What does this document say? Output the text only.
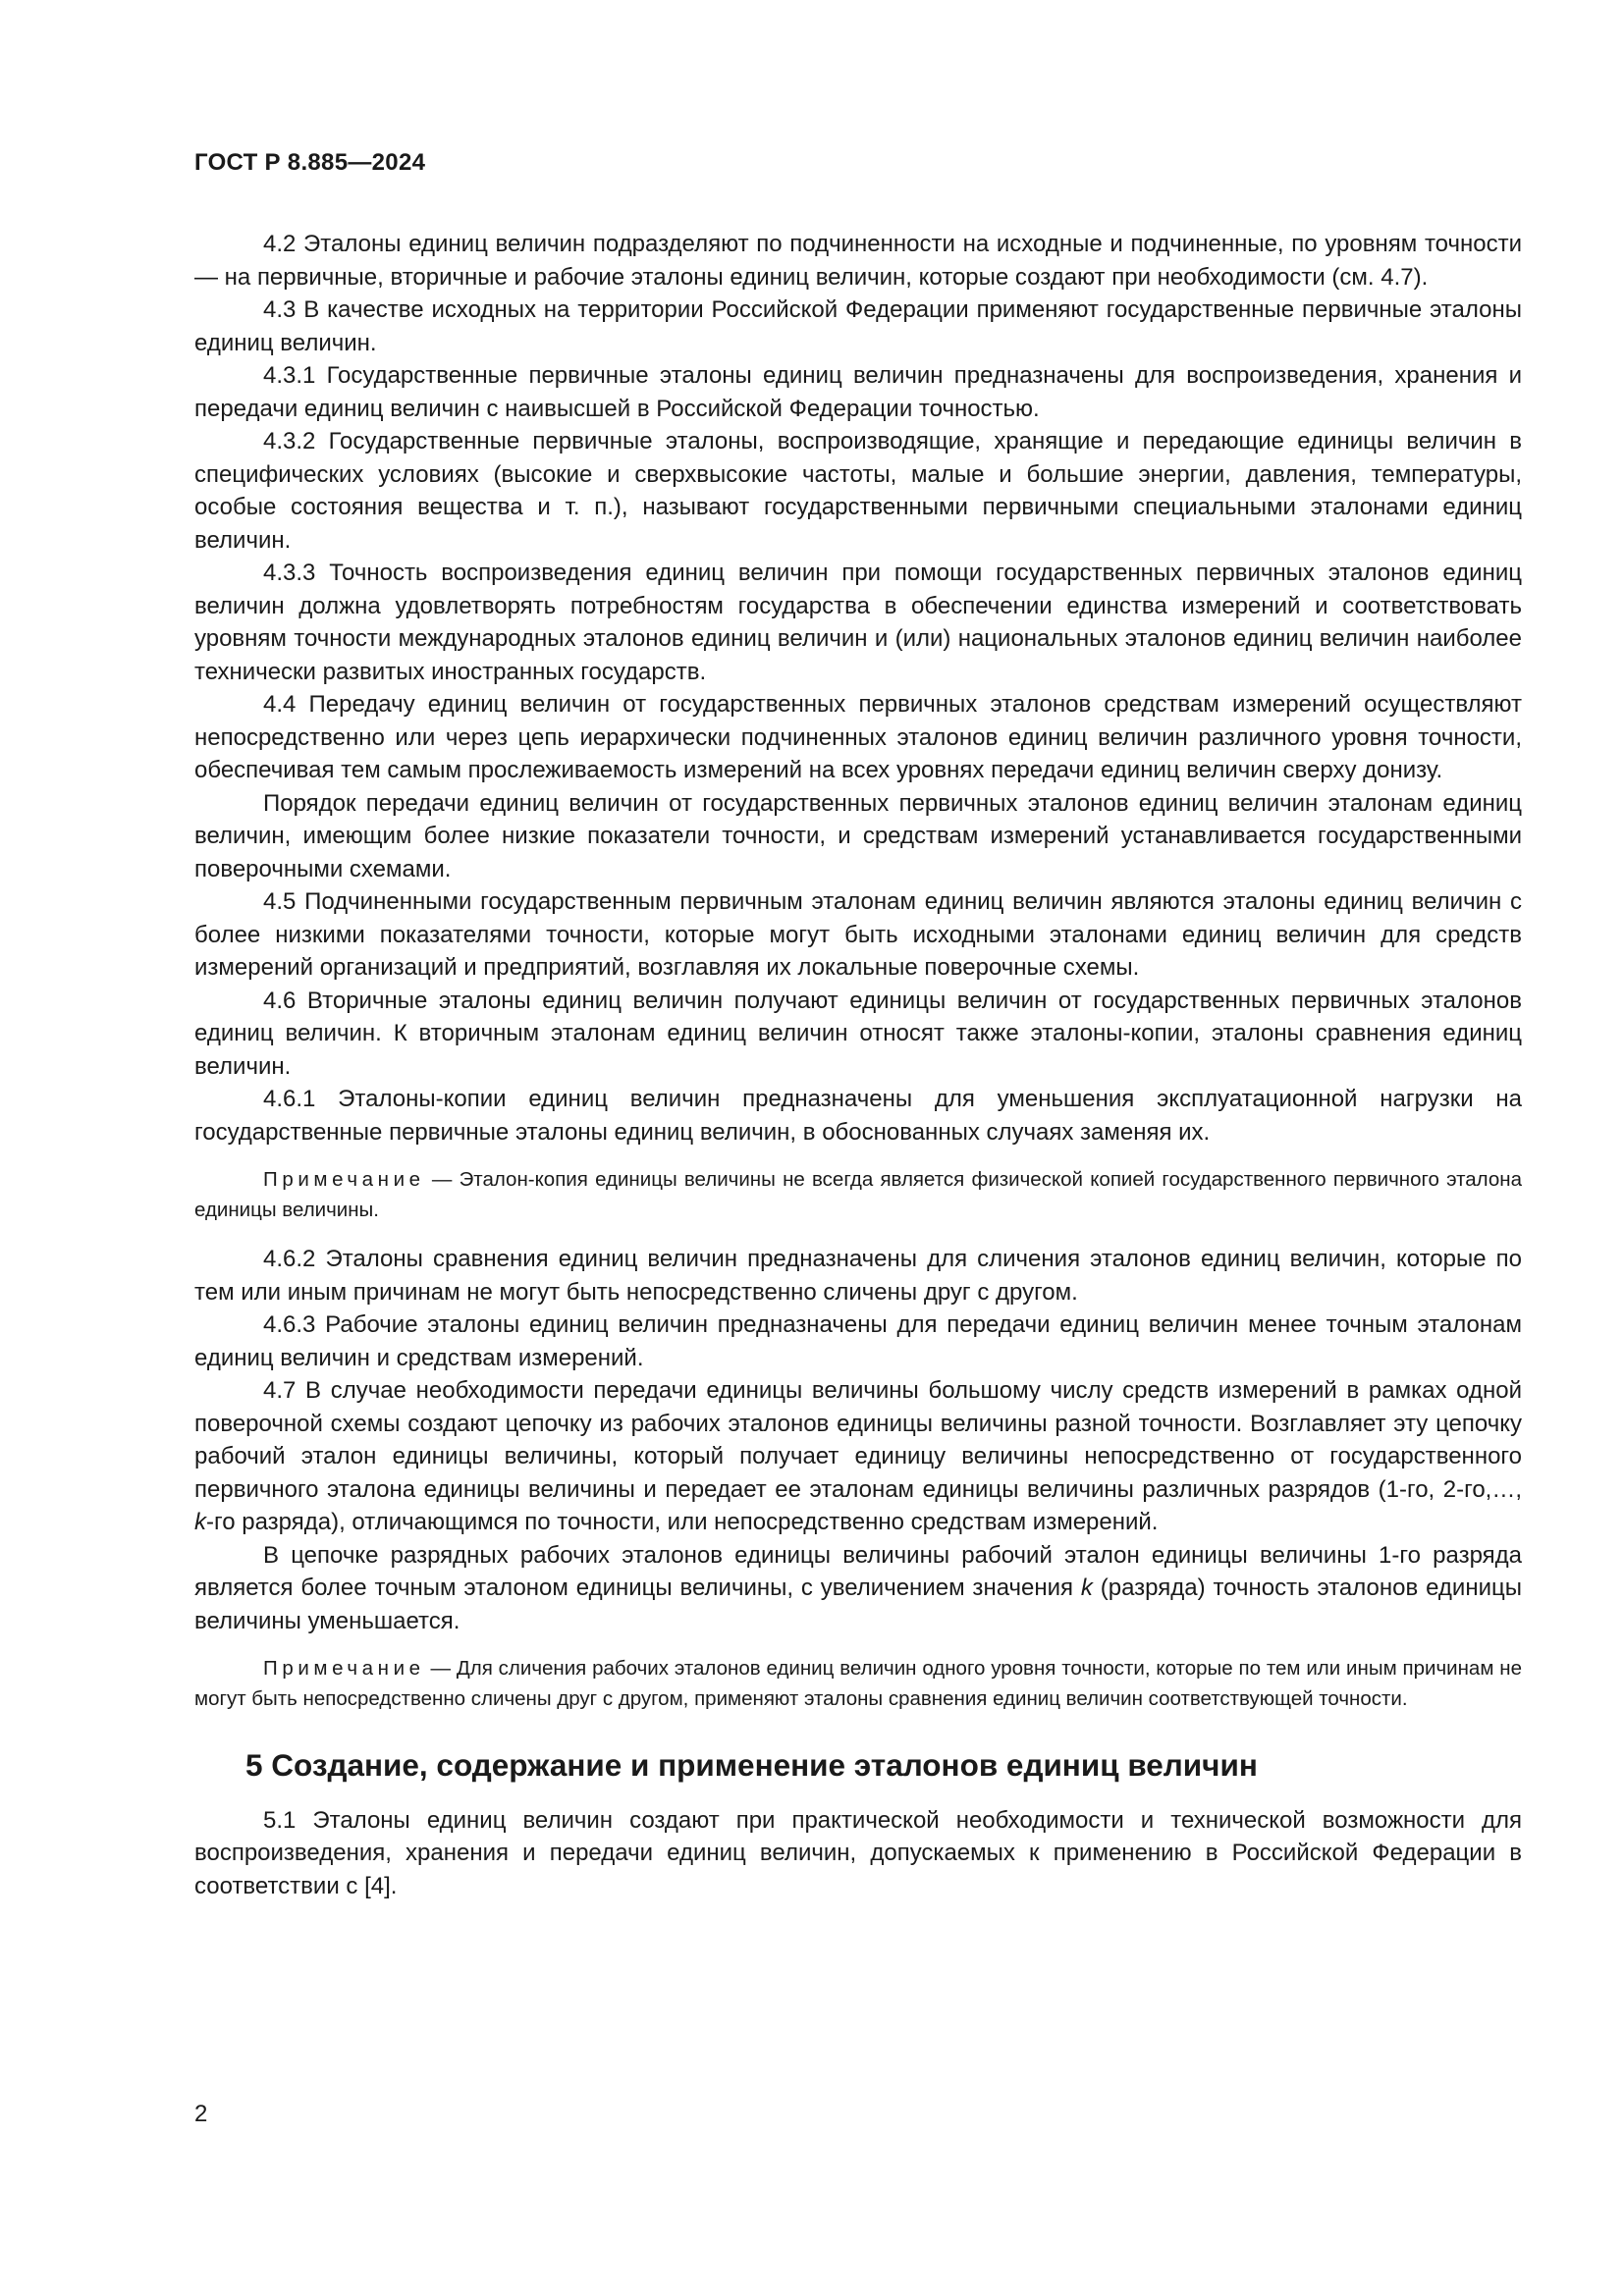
ГОСТ Р 8.885—2024

4.2 Эталоны единиц величин подразделяют по подчиненности на исходные и подчиненные, по уровням точности — на первичные, вторичные и рабочие эталоны единиц величин, которые создают при необходимости (см. 4.7).

4.3 В качестве исходных на территории Российской Федерации применяют государственные первичные эталоны единиц величин.

4.3.1 Государственные первичные эталоны единиц величин предназначены для воспроизведения, хранения и передачи единиц величин с наивысшей в Российской Федерации точностью.

4.3.2 Государственные первичные эталоны, воспроизводящие, хранящие и передающие единицы величин в специфических условиях (высокие и сверхвысокие частоты, малые и большие энергии, давления, температуры, особые состояния вещества и т. п.), называют государственными первичными специальными эталонами единиц величин.

4.3.3 Точность воспроизведения единиц величин при помощи государственных первичных эталонов единиц величин должна удовлетворять потребностям государства в обеспечении единства измерений и соответствовать уровням точности международных эталонов единиц величин и (или) национальных эталонов единиц величин наиболее технически развитых иностранных государств.

4.4 Передачу единиц величин от государственных первичных эталонов средствам измерений осуществляют непосредственно или через цепь иерархически подчиненных эталонов единиц величин различного уровня точности, обеспечивая тем самым прослеживаемость измерений на всех уровнях передачи единиц величин сверху донизу.

Порядок передачи единиц величин от государственных первичных эталонов единиц величин эталонам единиц величин, имеющим более низкие показатели точности, и средствам измерений устанавливается государственными поверочными схемами.

4.5 Подчиненными государственным первичным эталонам единиц величин являются эталоны единиц величин с более низкими показателями точности, которые могут быть исходными эталонами единиц величин для средств измерений организаций и предприятий, возглавляя их локальные поверочные схемы.

4.6 Вторичные эталоны единиц величин получают единицы величин от государственных первичных эталонов единиц величин. К вторичным эталонам единиц величин относят также эталоны-копии, эталоны сравнения единиц величин.

4.6.1 Эталоны-копии единиц величин предназначены для уменьшения эксплуатационной нагрузки на государственные первичные эталоны единиц величин, в обоснованных случаях заменяя их.

Примечание — Эталон-копия единицы величины не всегда является физической копией государственного первичного эталона единицы величины.

4.6.2 Эталоны сравнения единиц величин предназначены для сличения эталонов единиц величин, которые по тем или иным причинам не могут быть непосредственно сличены друг с другом.

4.6.3 Рабочие эталоны единиц величин предназначены для передачи единиц величин менее точным эталонам единиц величин и средствам измерений.

4.7 В случае необходимости передачи единицы величины большому числу средств измерений в рамках одной поверочной схемы создают цепочку из рабочих эталонов единицы величины разной точности. Возглавляет эту цепочку рабочий эталон единицы величины, который получает единицу величины непосредственно от государственного первичного эталона единицы величины и передает ее эталонам единицы величины различных разрядов (1-го, 2-го,…, k-го разряда), отличающимся по точности, или непосредственно средствам измерений.

В цепочке разрядных рабочих эталонов единицы величины рабочий эталон единицы величины 1-го разряда является более точным эталоном единицы величины, с увеличением значения k (разряда) точность эталонов единицы величины уменьшается.

Примечание — Для сличения рабочих эталонов единиц величин одного уровня точности, которые по тем или иным причинам не могут быть непосредственно сличены друг с другом, применяют эталоны сравнения единиц величин соответствующей точности.

5 Создание, содержание и применение эталонов единиц величин

5.1 Эталоны единиц величин создают при практической необходимости и технической возможности для воспроизведения, хранения и передачи единиц величин, допускаемых к применению в Российской Федерации в соответствии с [4].

2
